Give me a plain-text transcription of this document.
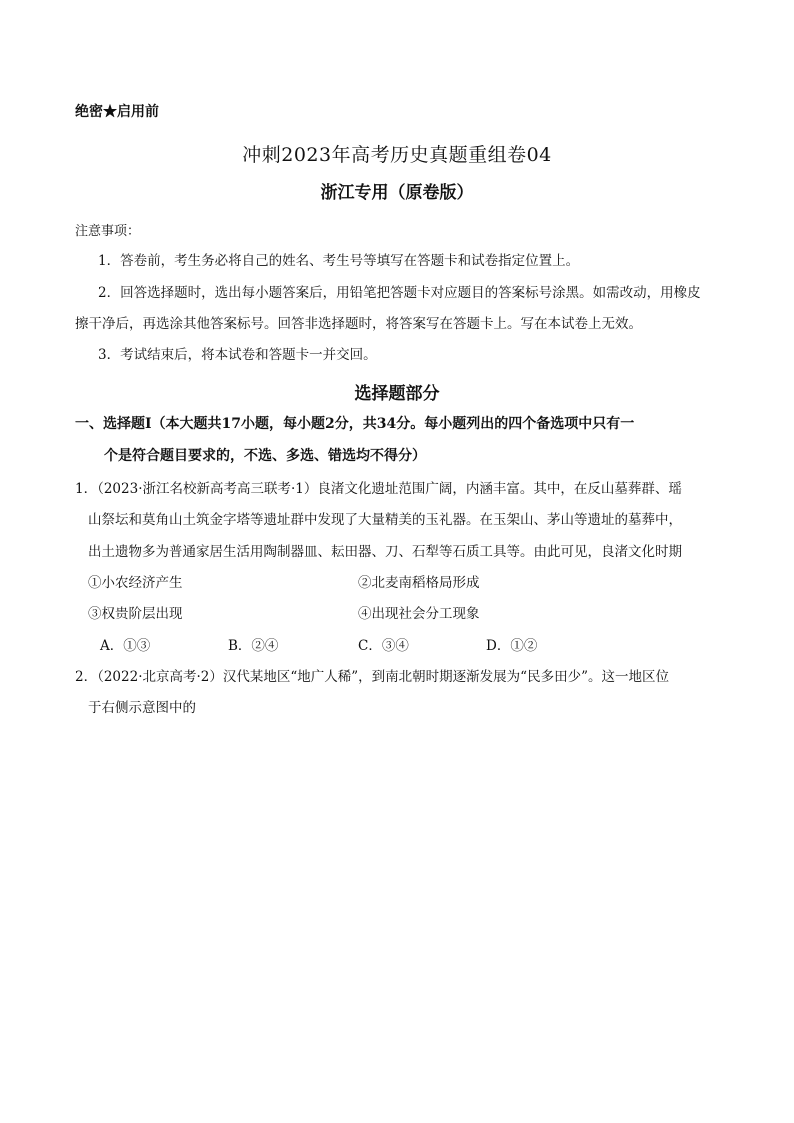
绝密★启用前
冲刺2023年高考历史真题重组卷04
浙江专用（原卷版）
注意事项：
1．答卷前，考生务必将自己的姓名、考生号等填写在答题卡和试卷指定位置上。
2．回答选择题时，选出每小题答案后，用铅笔把答题卡对应题目的答案标号涂黑。如需改动，用橡皮
擦干净后，再选涂其他答案标号。回答非选择题时，将答案写在答题卡上。写在本试卷上无效。
3．考试结束后，将本试卷和答题卡一并交回。
选择题部分
一、选择题Ⅰ（本大题共17小题，每小题2分，共34分。每小题列出的四个备选项中只有一
个是符合题目要求的，不选、多选、错选均不得分）
1．（2023·浙江名校新高考高三联考·1）良渚文化遗址范围广阔，内涵丰富。其中，在反山墓葬群、瑶
山祭坛和莫角山土筑金字塔等遗址群中发现了大量精美的玉礼器。在玉架山、茅山等遗址的墓葬中，
出土遗物多为普通家居生活用陶制器皿、耘田器、刀、石犁等石质工具等。由此可见，良渚文化时期
①小农经济产生	②北麦南稻格局形成
③权贵阶层出现	④出现社会分工现象
A．①③	B．②④	C．③④	D．①②
2．（2022·北京高考·2）汉代某地区“地广人稀”，到南北朝时期逐渐发展为“民多田少”。这一地区位
于右侧示意图中的
